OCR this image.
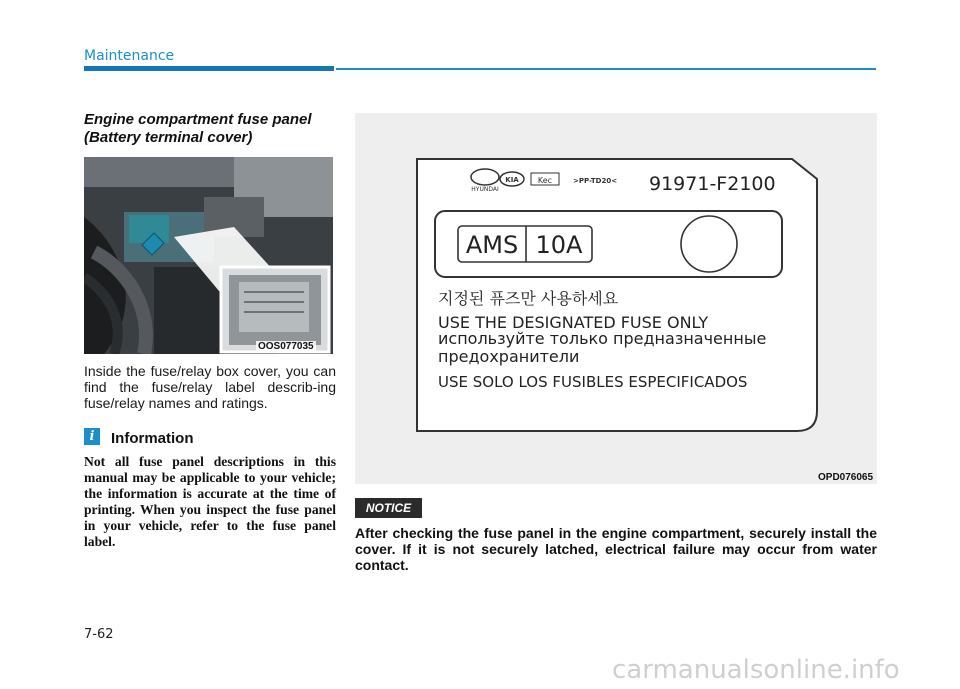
Maintenance
Engine compartment fuse panel
(Battery terminal cover)
OOS077035
Inside the fuse/relay box cover, you can find the fuse/relay label describ-ing fuse/relay names and ratings.
i	Information
Not all fuse panel descriptions in this manual may be applicable to your vehicle; the information is accurate at the time of printing. When you inspect the fuse panel in your vehicle, refer to the fuse panel label.
HYUNDAI
KIA Kec	>PP-TD20< 91971-F2100
AMS 10A
지정된 퓨즈만 사용하세요
USE THE DESIGNATED FUSE ONLY
используйте только предназначенные
предохранители
USE SOLO LOS FUSIBLES ESPECIFICADOS
OPD076065
NOTICE
After checking the fuse panel in the engine compartment, securely install the cover. If it is not securely latched, electrical failure may occur from water contact.
7-62
carmanualsonline.info
